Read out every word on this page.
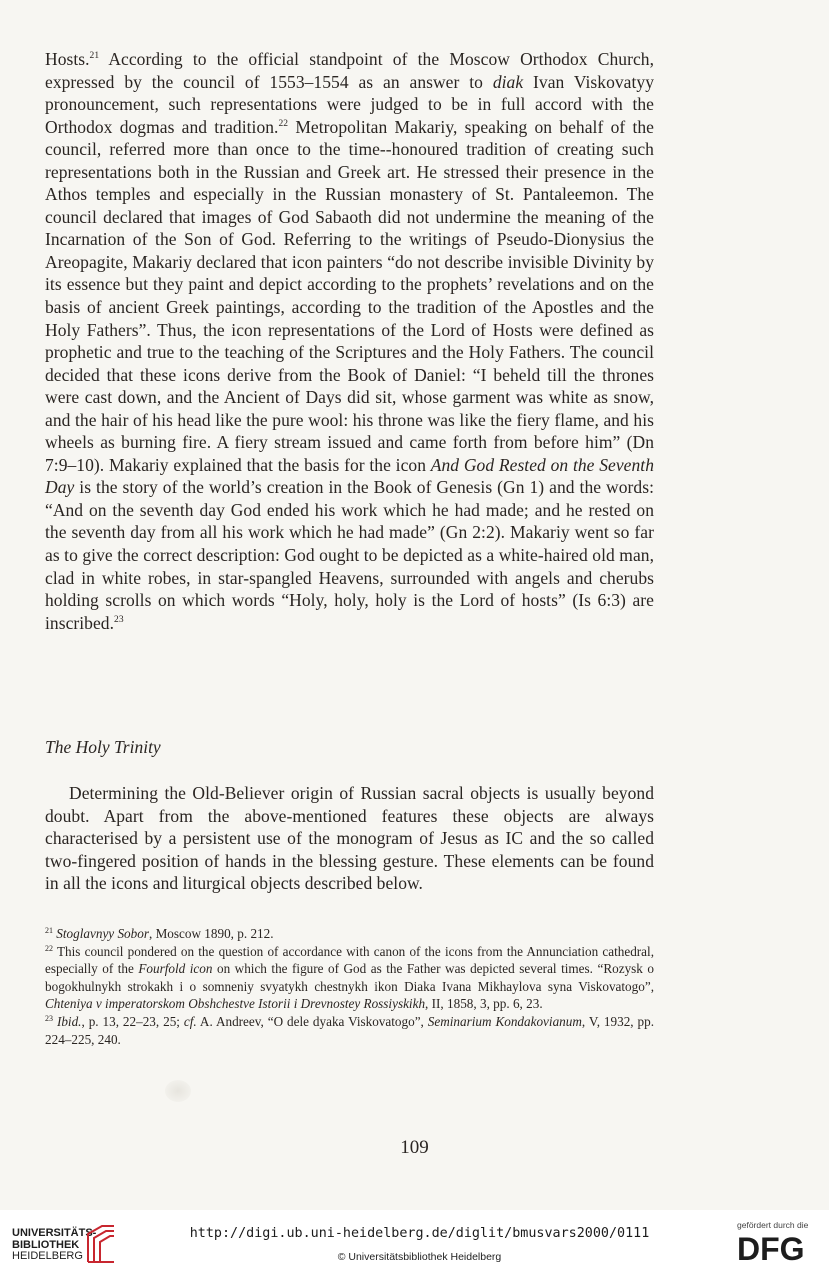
Hosts.$^{21}$ According to the official standpoint of the Moscow Orthodox Church, expressed by the council of 1553–1554 as an answer to diak Ivan Viskovatyy pronouncement, such representations were judged to be in full accord with the Orthodox dogmas and tradition.$^{22}$ Metropolitan Makariy, speaking on behalf of the council, referred more than once to the time--honoured tradition of creating such representations both in the Russian and Greek art. He stressed their presence in the Athos temples and especially in the Russian monastery of St. Pantaleemon. The council declared that images of God Sabaoth did not undermine the meaning of the Incarnation of the Son of God. Referring to the writings of Pseudo-Dionysius the Areopagite, Makariy declared that icon painters “do not describe invisible Divinity by its essence but they paint and depict according to the prophets’ revelations and on the basis of ancient Greek paintings, according to the tradition of the Apostles and the Holy Fathers”. Thus, the icon representations of the Lord of Hosts were defined as prophetic and true to the teaching of the Scriptures and the Holy Fathers. The council decided that these icons derive from the Book of Daniel: “I beheld till the thrones were cast down, and the Ancient of Days did sit, whose garment was white as snow, and the hair of his head like the pure wool: his throne was like the fiery flame, and his wheels as burning fire. A fiery stream issued and came forth from before him” (Dn 7:9–10). Makariy explained that the basis for the icon And God Rested on the Seventh Day is the story of the world’s creation in the Book of Genesis (Gn 1) and the words: “And on the seventh day God ended his work which he had made; and he rested on the seventh day from all his work which he had made” (Gn 2:2). Makariy went so far as to give the correct description: God ought to be depicted as a white-haired old man, clad in white robes, in star-spangled Heavens, surrounded with angels and cherubs holding scrolls on which words “Holy, holy, holy is the Lord of hosts” (Is 6:3) are inscribed.$^{23}$

The Holy Trinity

Determining the Old-Believer origin of Russian sacral objects is usually beyond doubt. Apart from the above-mentioned features these objects are always characterised by a persistent use of the monogram of Jesus as IC and the so called two-fingered position of hands in the blessing gesture. These elements can be found in all the icons and liturgical objects described below.

$^{21}$ Stoglavnyy Sobor, Moscow 1890, p. 212.

$^{22}$ This council pondered on the question of accordance with canon of the icons from the Annunciation cathedral, especially of the Fourfold icon on which the figure of God as the Father was depicted several times. “Rozysk o bogokhulnykh strokakh i o somneniy svyatykh chestnykh ikon Diaka Ivana Mikhaylova syna Viskovatogo”, Chteniya v imperatorskom Obshchestve Istorii i Drevnostey Rossiyskikh, II, 1858, 3, pp. 6, 23.

$^{23}$ Ibid., p. 13, 22–23, 25; cf. A. Andreev, “O dele dyaka Viskovatogo”, Seminarium Kondakovianum, V, 1932, pp. 224–225, 240.

109
UNIVERSITÄTS-
BIBLIOTHEK
HEIDELBERG
http://digi.ub.uni-heidelberg.de/diglit/bmusvars2000/0111
© Universitätsbibliothek Heidelberg
gefördert durch die
DFG
